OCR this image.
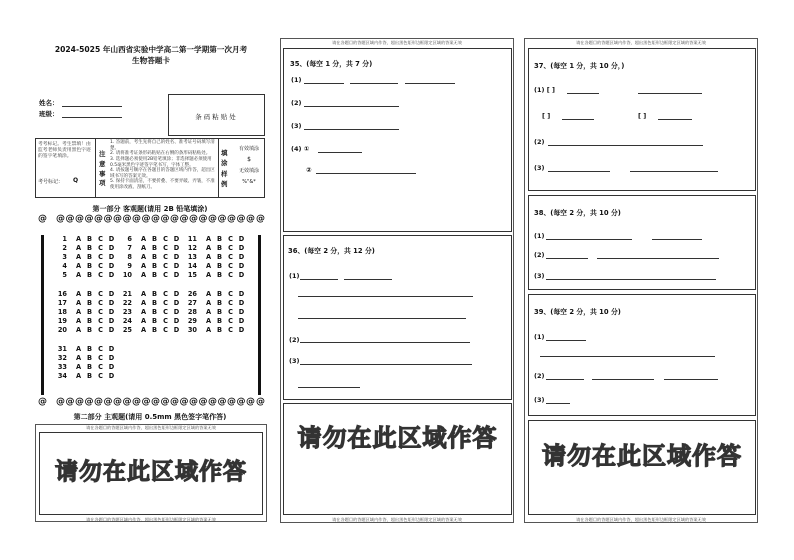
2024-5025 年山西省实验中学高二第一学期第一次月考
生物答题卡
姓名：
班级：	条码粘贴处
考考标记。考生禁填！由监考老师负责用黑色字迹的签字笔填涂。
考号标记： Q
注意事项
1. 答题前，考生先将自己的姓名、准考证号码填写清楚。
2. 请将准考证条形码粘贴在右侧的条形码粘贴处。
3. 选择题必须使用2B铅笔填涂；非选择题必须使用0.5毫米黑色字迹签字笔书写，字体工整。
4. 请按题号顺序在各题目的答题区域内作答，超出区域书写的答案无效。
5. 保持卡面清洁，不要折叠、不要弄破、弄皱，不准使用涂改液、刮纸刀。
填涂样例
有效填涂
$
无效填涂
%"&*
第一部分 客观题(请用 2B 铅笔填涂)
@ @@@@@@@@@@@@@@@@@@@@@ @
1 A B C D
2 A B C D
3 A B C D
4 A B C D
5 A B C D
6 A B C D
7 A B C D
8 A B C D
9 A B C D
10 A B C D
11 A B C D
12 A B C D
13 A B C D
14 A B C D
15 A B C D
16 A B C D
17 A B C D
18 A B C D
19 A B C D
20 A B C D
21 A B C D
22 A B C D
23 A B C D
24 A B C D
25 A B C D
26 A B C D
27 A B C D
28 A B C D
29 A B C D
30 A B C D
31 A B C D
32 A B C D
33 A B C D
34 A B C D
@ @@@@@@@@@@@@@@@@@@@@@ @
第二部分 主观题(请用 0.5mm 黑色签字笔作答)
请在各题目的答题区域内作答，超出黑色矩形边框限定区域的答案无效
请勿在此区域作答
请在各题目的答题区域内作答，超出黑色矩形边框限定区域的答案无效
请在各题目的答题区域内作答，超出黑色矩形边框限定区域的答案无效
35、(每空 1 分，共 7 分)
(1)
(2)
(3)
(4) ①
②
36、(每空 2 分，共 12 分)
(1)
(2)
(3)
请勿在此区域作答
请在各题目的答题区域内作答，超出黑色矩形边框限定区域的答案无效
请在各题目的答题区域内作答，超出黑色矩形边框限定区域的答案无效
37、(每空 1 分，共 10 分，)
(1) [ ]
[ ]	[ ]
(2)
(3)
38、(每空 2 分，共 10 分)
(1)
(2)
(3)
39、(每空 2 分，共 10 分)
(1)
(2)
(3)
请勿在此区域作答
请在各题目的答题区域内作答，超出黑色矩形边框限定区域的答案无效
